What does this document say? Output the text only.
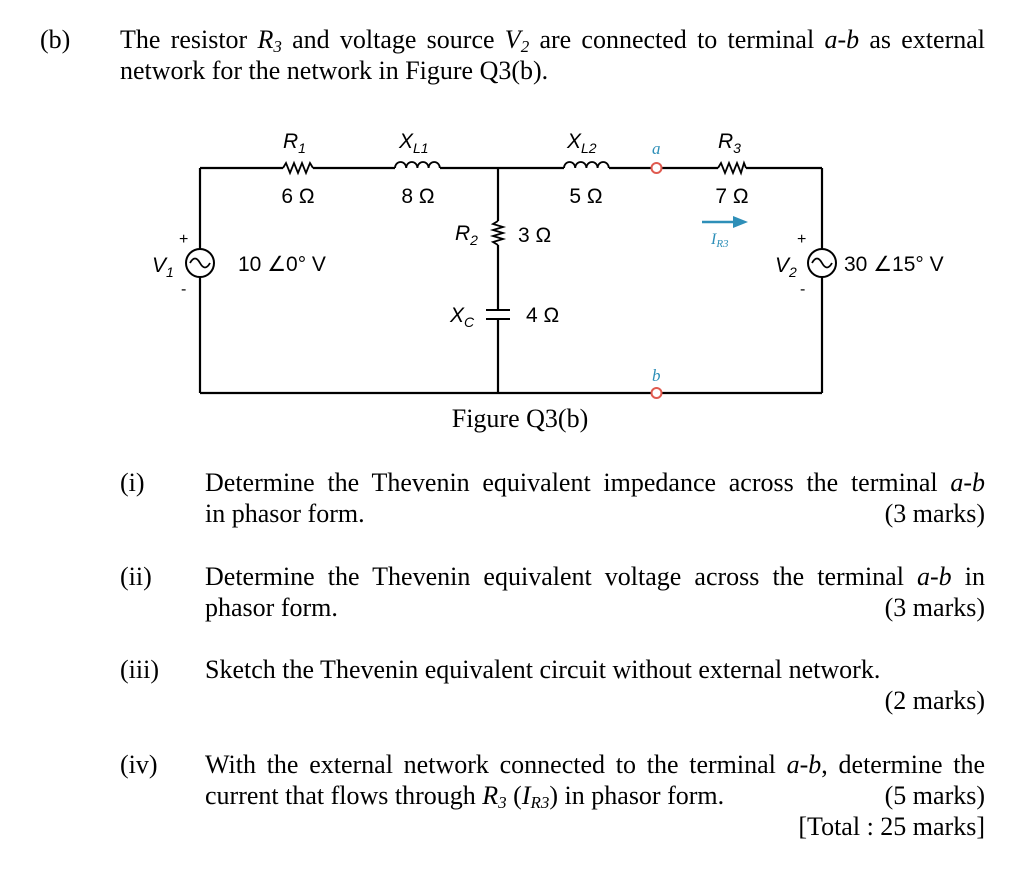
(b) The resistor $R_3$ and voltage source $V_2$ are connected to terminal a-b as external
network for the network in Figure Q3(b).
$R_1$
6 Ω
$X_{L1}$
8 Ω
$X_{L2}$
5 Ω
$R_3$
7 Ω
$R_2$ 3 Ω
$X_C$ 4 Ω
$V_1$	10 ∠0° V
+
-
$V_2$ 30 ∠15° V
+
-
a
b
IR3
Figure Q3(b)
(i) Determine the Thevenin equivalent impedance across the terminal a-b
in phasor form.	(3 marks)
(ii) Determine the Thevenin equivalent voltage across the terminal a-b in
phasor form.	(3 marks)
(iii) Sketch the Thevenin equivalent circuit without external network.
(2 marks)
(iv) With the external network connected to the terminal a-b, determine the
current that flows through $R_3$ $(I_{R3})$ in phasor form.	(5 marks)
[Total : 25 marks]
